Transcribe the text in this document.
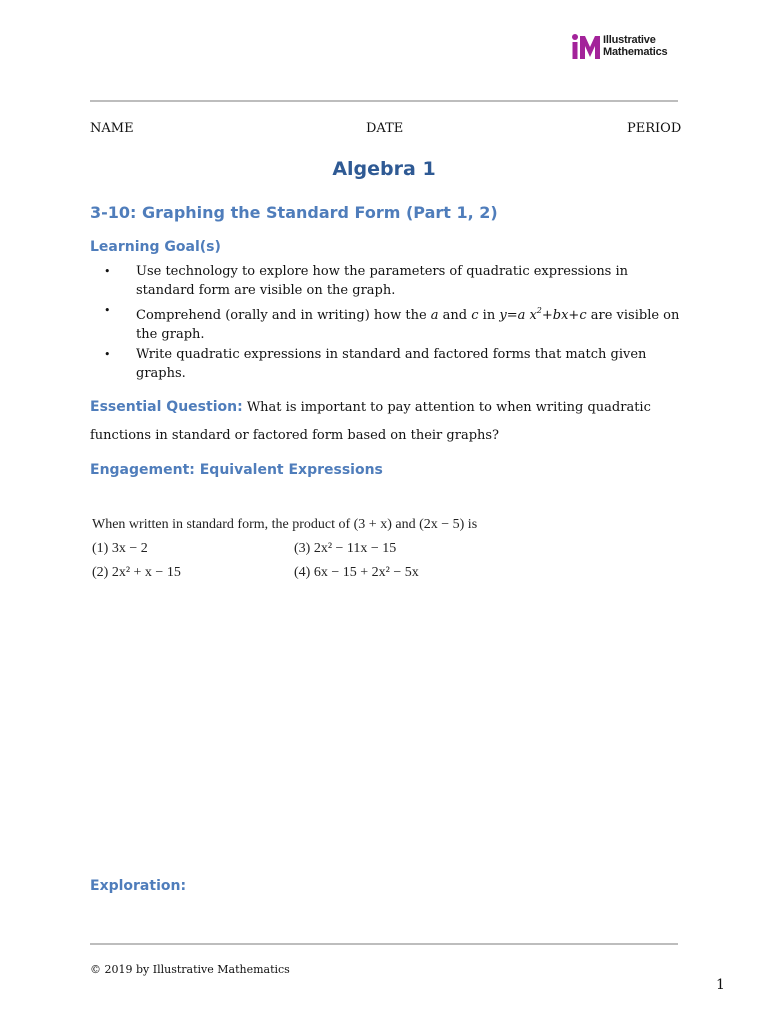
Illustrative
Mathematics
NAME	DATE	PERIOD
Algebra 1
3-10: Graphing the Standard Form (Part 1, 2)
Learning Goal(s)
• Use technology to explore how the parameters of quadratic expressions in standard form are visible on the graph.
• Comprehend (orally and in writing) how the a and c in y=a $x^2+bx+c$ are visible on the graph.
• Write quadratic expressions in standard and factored forms that match given graphs.
Essential Question: What is important to pay attention to when writing quadratic functions in standard or factored form based on their graphs?
Engagement: Equivalent Expressions
When written in standard form, the product of (3 + x) and (2x − 5) is
(1) 3x − 2	(3) 2x² − 11x − 15
(2) 2x² + x − 15	(4) 6x − 15 + 2x² − 5x
Exploration:
© 2019 by Illustrative Mathematics
1
